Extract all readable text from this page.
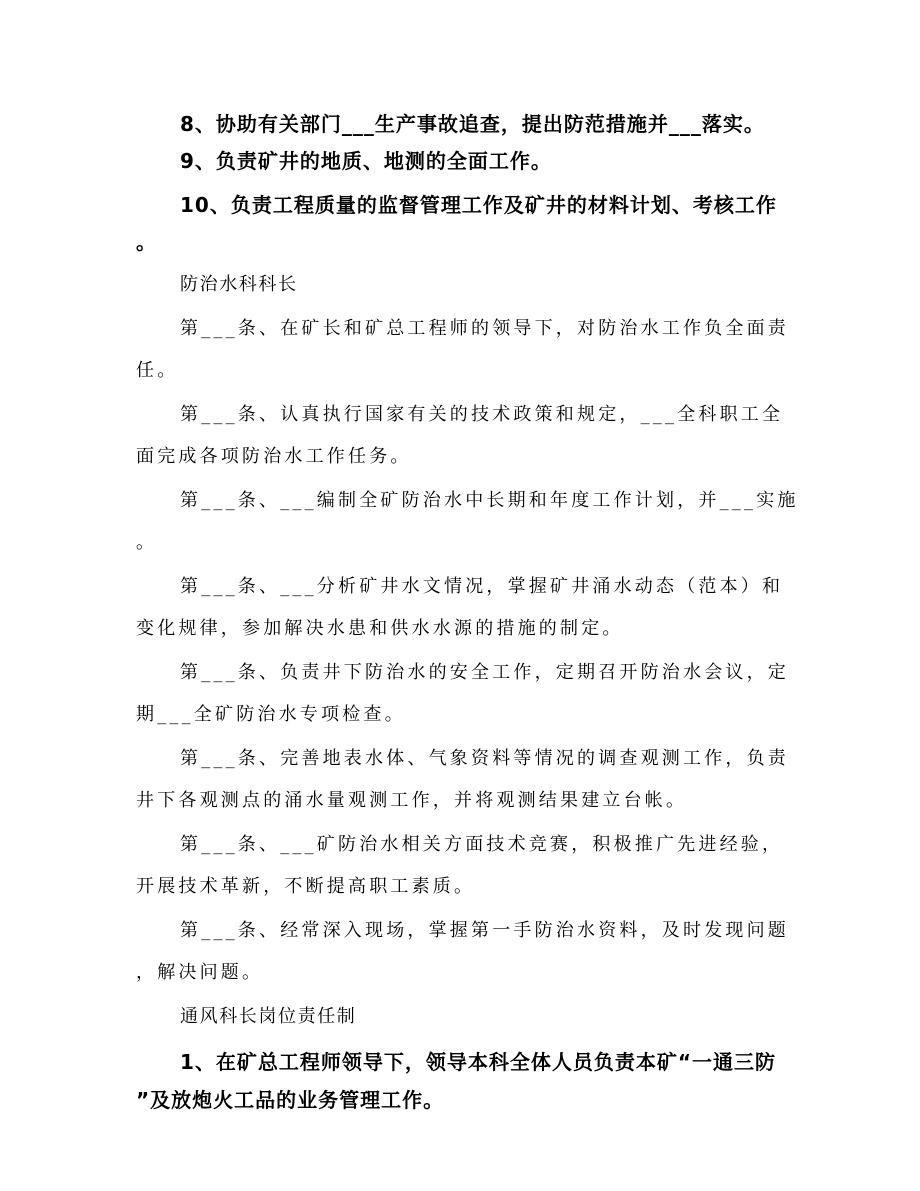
8、协助有关部门___生产事故追查，提出防范措施并___落实。

9、负责矿井的地质、地测的全面工作。

10、负责工程质量的监督管理工作及矿井的材料计划、考核工作

。

防治水科科长

第___条、在矿长和矿总工程师的领导下，对防治水工作负全面责

任。

第___条、认真执行国家有关的技术政策和规定，___全科职工全

面完成各项防治水工作任务。

第___条、___编制全矿防治水中长期和年度工作计划，并___实施

。

第___条、___分析矿井水文情况，掌握矿井涌水动态（范本）和

变化规律，参加解决水患和供水水源的措施的制定。

第___条、负责井下防治水的安全工作，定期召开防治水会议，定

期___全矿防治水专项检查。

第___条、完善地表水体、气象资料等情况的调查观测工作，负责

井下各观测点的涌水量观测工作，并将观测结果建立台帐。

第___条、___矿防治水相关方面技术竞赛，积极推广先进经验，

开展技术革新，不断提高职工素质。

第___条、经常深入现场，掌握第一手防治水资料，及时发现问题

，解决问题。

通风科长岗位责任制

1、在矿总工程师领导下，领导本科全体人员负责本矿“一通三防

”及放炮火工品的业务管理工作。
